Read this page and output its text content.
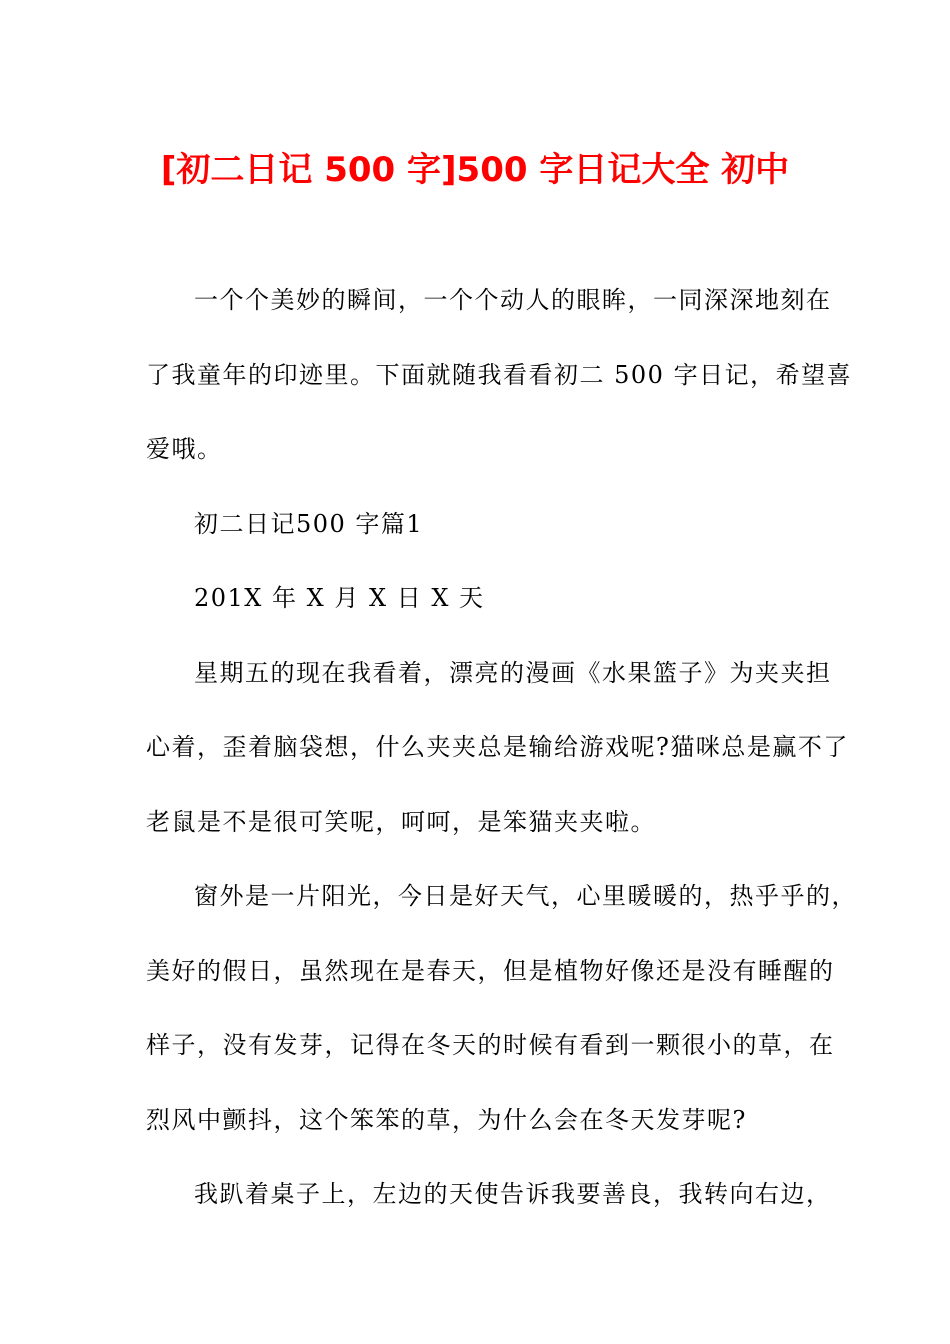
[初二日记 500 字]500 字日记大全 初中
一个个美妙的瞬间，一个个动人的眼眸，一同深深地刻在
了我童年的印迹里。下面就随我看看初二 500 字日记，希望喜
爱哦。
初二日记500 字篇1
201X 年 X 月 X 日 X 天
星期五的现在我看着，漂亮的漫画《水果篮子》为夹夹担
心着，歪着脑袋想，什么夹夹总是输给游戏呢?猫咪总是赢不了
老鼠是不是很可笑呢，呵呵，是笨猫夹夹啦。
窗外是一片阳光，今日是好天气，心里暖暖的，热乎乎的，
美好的假日，虽然现在是春天，但是植物好像还是没有睡醒的
样子，没有发芽，记得在冬天的时候有看到一颗很小的草，在
烈风中颤抖，这个笨笨的草，为什么会在冬天发芽呢?
我趴着桌子上，左边的天使告诉我要善良，我转向右边，
